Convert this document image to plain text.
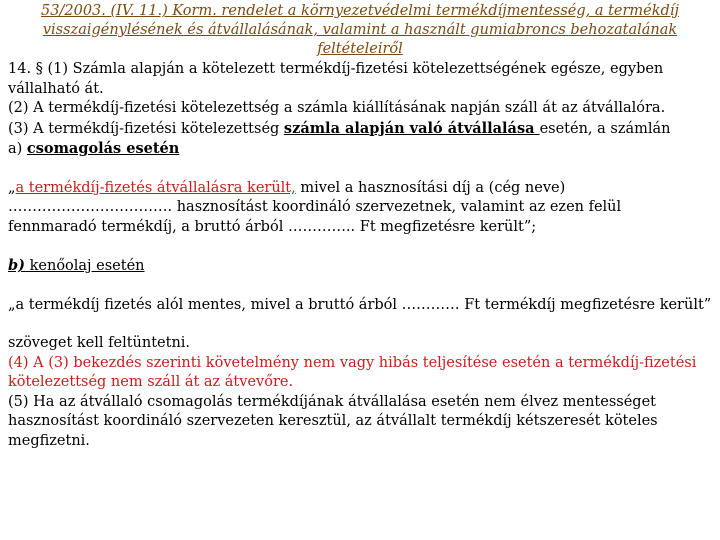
53/2003. (IV. 11.) Korm. rendelet a környezetvédelmi termékdíjmentesség, a termékdíj visszaigénylésének és átvállalásának, valamint a használt gumiabroncs behozatalának feltételeiről

14. § (1) Számla alapján a kötelezett termékdíj-fizetési kötelezettségének egésze, egyben vállalható át.

(2) A termékdíj-fizetési kötelezettség a számla kiállításának napján száll át az átvállalóra.

(3) A termékdíj-fizetési kötelezettség számla alapján való átvállalása esetén, a számlán

a) csomagolás esetén

„a termékdíj-fizetés átvállalásra került, mivel a hasznosítási díj a (cég neve) ……………………………. hasznosítást koordináló szervezetnek, valamint az ezen felül fennmaradó termékdíj, a bruttó árból ………….. Ft megfizetésre került”;

b) kenőolaj esetén

„a termékdíj fizetés alól mentes, mivel a bruttó árból ………… Ft termékdíj megfizetésre került”

szöveget kell feltüntetni.

(4) A (3) bekezdés szerinti követelmény nem vagy hibás teljesítése esetén a termékdíj-fizetési kötelezettség nem száll át az átvevőre.

(5) Ha az átvállaló csomagolás termékdíjának átvállalása esetén nem élvez mentességet hasznosítást koordináló szervezeten keresztül, az átvállalt termékdíj kétszeresét köteles megfizetni.
